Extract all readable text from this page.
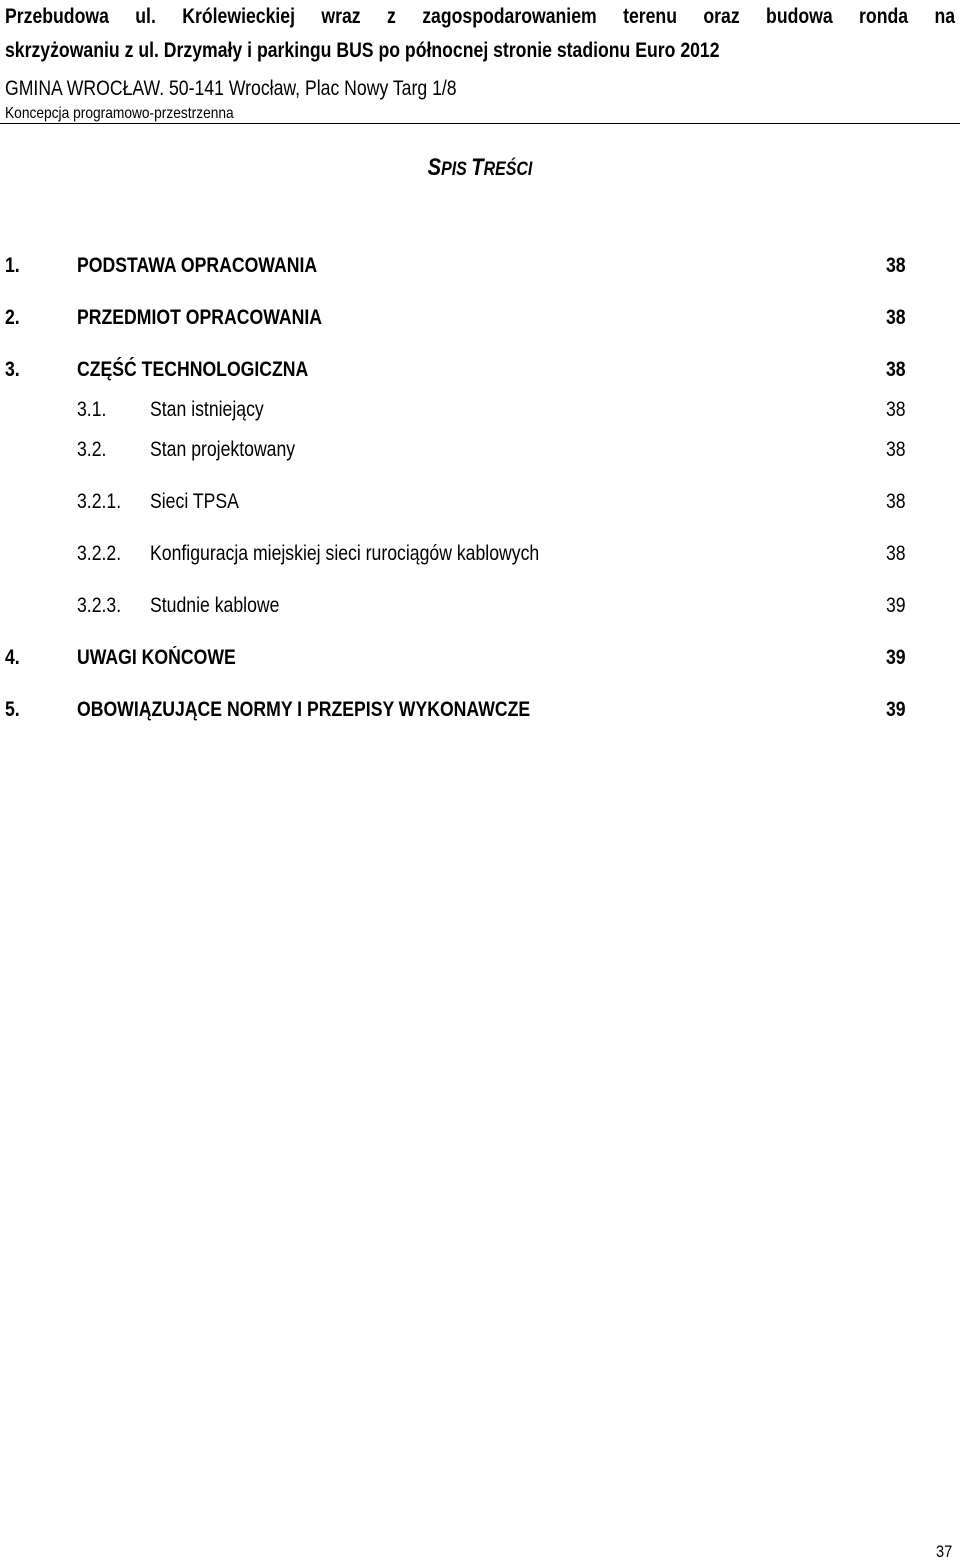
Przebudowa ul. Królewieckiej wraz z zagospodarowaniem terenu oraz budowa ronda na
skrzyżowaniu z ul. Drzymały i parkingu BUS po północnej stronie stadionu Euro 2012
GMINA WROCŁAW. 50-141 Wrocław, Plac Nowy Targ 1/8
Koncepcja programowo-przestrzenna
SPIS TREŚCI
1.	PODSTAWA OPRACOWANIA	38
2.	PRZEDMIOT OPRACOWANIA	38
3.	CZĘŚĆ TECHNOLOGICZNA	38
3.1. Stan istniejący	38
3.2. Stan projektowany	38
3.2.1. Sieci TPSA	38
3.2.2. Konfiguracja miejskiej sieci rurociągów kablowych	38
3.2.3. Studnie kablowe	39
4.	UWAGI KOŃCOWE	39
5.	OBOWIĄZUJĄCE NORMY I PRZEPISY WYKONAWCZE	39
37
